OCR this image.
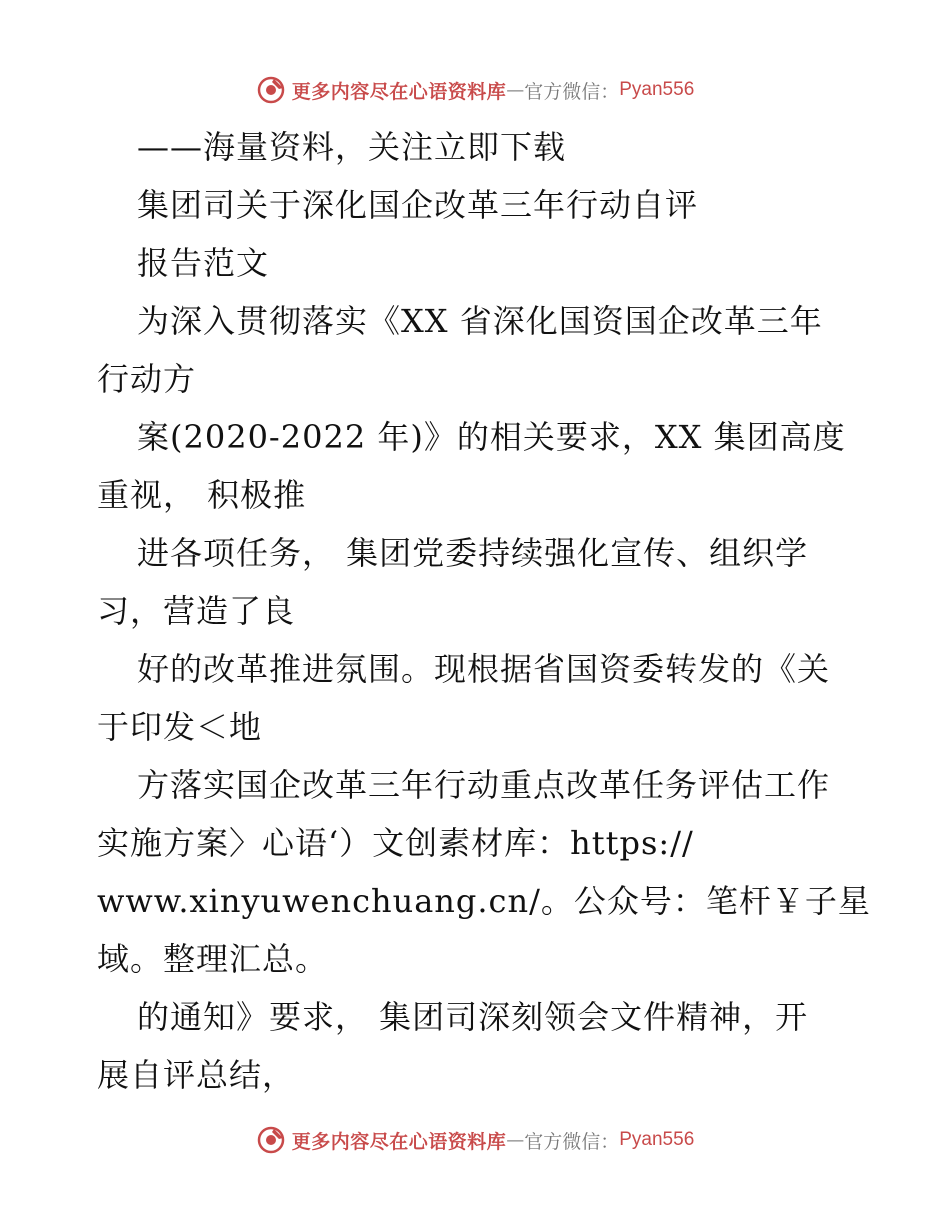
更多内容尽在心语资料库 — 官方微信： Pyan556
——海量资料，关注立即下载
集团司关于深化国企改革三年行动自评
报告范文
为深入贯彻落实《XX 省深化国资国企改革三年
行动方
案(2020-2022 年)》的相关要求，XX 集团高度
重视， 积极推
进各项任务， 集团党委持续强化宣传、组织学
习，营造了良
好的改革推进氛围。现根据省国资委转发的《关
于印发＜地
方落实国企改革三年行动重点改革任务评估工作
实施方案〉心语‘）文创素材库：https://
www.xinyuwenchuang.cn/。公众号：笔杆￥子星
域。整理汇总。
的通知》要求， 集团司深刻领会文件精神，开
展自评总结，
更多内容尽在心语资料库 — 官方微信： Pyan556
